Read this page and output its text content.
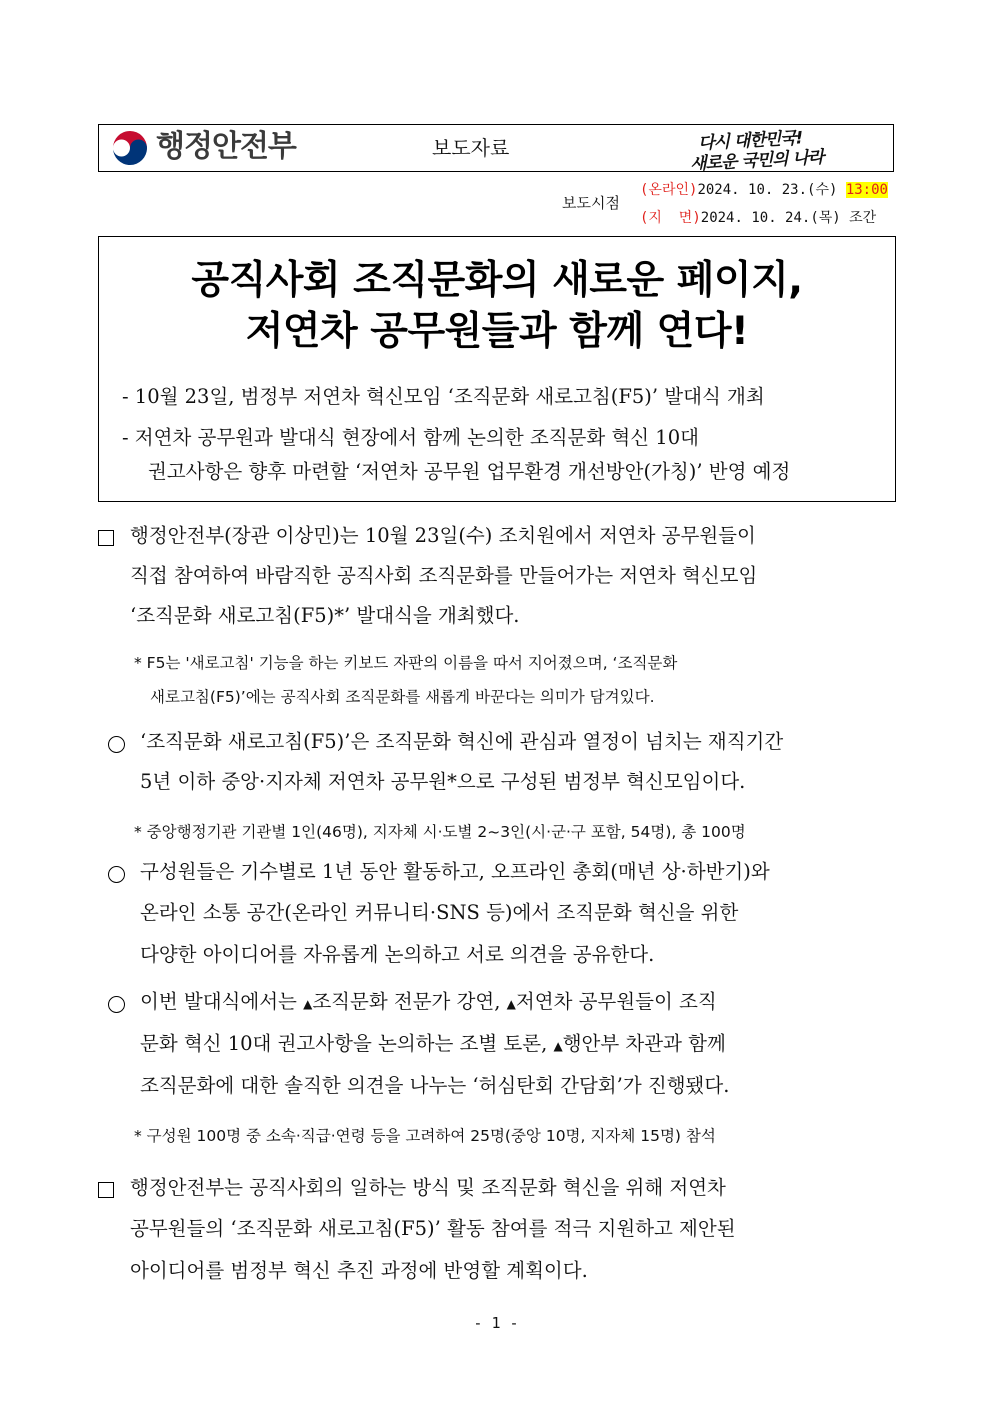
행정안전부	보도자료	다시 대한민국!
새로운 국민의 나라
보도시점
(온라인)2024. 10. 23.(수) 13:00
(지  면)2024. 10. 24.(목) 조간
공직사회 조직문화의 새로운 페이지,
저연차 공무원들과 함께 연다!
- 10월 23일, 범정부 저연차 혁신모임 ‘조직문화 새로고침(F5)’ 발대식 개최
- 저연차 공무원과 발대식 현장에서 함께 논의한 조직문화 혁신 10대
권고사항은 향후 마련할 ‘저연차 공무원 업무환경 개선방안(가칭)’ 반영 예정
행정안전부(장관 이상민)는 10월 23일(수) 조치원에서 저연차 공무원들이
직접 참여하여 바람직한 공직사회 조직문화를 만들어가는 저연차 혁신모임
‘조직문화 새로고침(F5)*’ 발대식을 개최했다.
* F5는 '새로고침' 기능을 하는 키보드 자판의 이름을 따서 지어졌으며, ‘조직문화
새로고침(F5)’에는 공직사회 조직문화를 새롭게 바꾼다는 의미가 담겨있다.
‘조직문화 새로고침(F5)’은 조직문화 혁신에 관심과 열정이 넘치는 재직기간
5년 이하 중앙·지자체 저연차 공무원*으로 구성된 범정부 혁신모임이다.
* 중앙행정기관 기관별 1인(46명), 지자체 시·도별 2~3인(시·군·구 포함, 54명), 총 100명
구성원들은 기수별로 1년 동안 활동하고, 오프라인 총회(매년 상·하반기)와
온라인 소통 공간(온라인 커뮤니티·SNS 등)에서 조직문화 혁신을 위한
다양한 아이디어를 자유롭게 논의하고 서로 의견을 공유한다.
이번 발대식에서는 ▲조직문화 전문가 강연, ▲저연차 공무원들이 조직
문화 혁신 10대 권고사항을 논의하는 조별 토론, ▲행안부 차관과 함께
조직문화에 대한 솔직한 의견을 나누는 ‘허심탄회 간담회’가 진행됐다.
* 구성원 100명 중 소속·직급·연령 등을 고려하여 25명(중앙 10명, 지자체 15명) 참석
행정안전부는 공직사회의 일하는 방식 및 조직문화 혁신을 위해 저연차
공무원들의 ‘조직문화 새로고침(F5)’ 활동 참여를 적극 지원하고 제안된
아이디어를 범정부 혁신 추진 과정에 반영할 계획이다.
- 1 -
